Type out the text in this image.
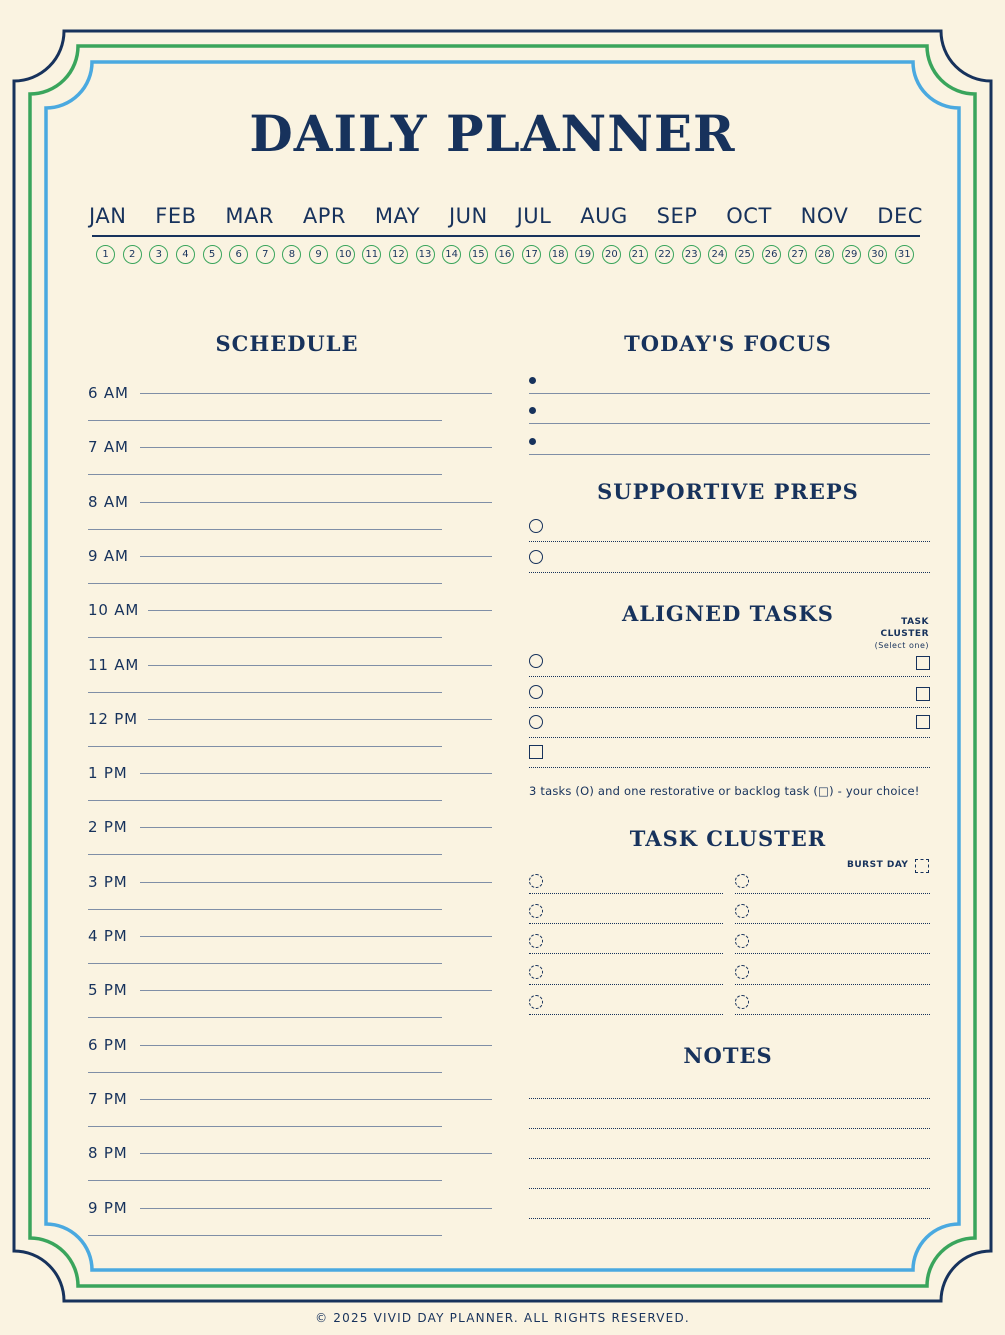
DAILY PLANNER
JAN FEB MAR APR MAY JUN JUL AUG SEP OCT NOV DEC
1	2	3	4	5	6	7	8	9	10	11	12	13	14	15	16	17	18	19	20	21	22	23	24	25	26	27	28	29	30	31
SCHEDULE
6 AM
7 AM
8 AM
9 AM
10 AM
11 AM
12 PM
1 PM
2 PM
3 PM
4 PM
5 PM
6 PM
7 PM
8 PM
9 PM
TODAY'S FOCUS
SUPPORTIVE PREPS
ALIGNED TASKS	TASK
CLUSTER
(Select one)
3 tasks (O) and one restorative or backlog task (□) - your choice!
TASK CLUSTER
BURST DAY
NOTES
© 2025 VIVID DAY PLANNER. ALL RIGHTS RESERVED.
